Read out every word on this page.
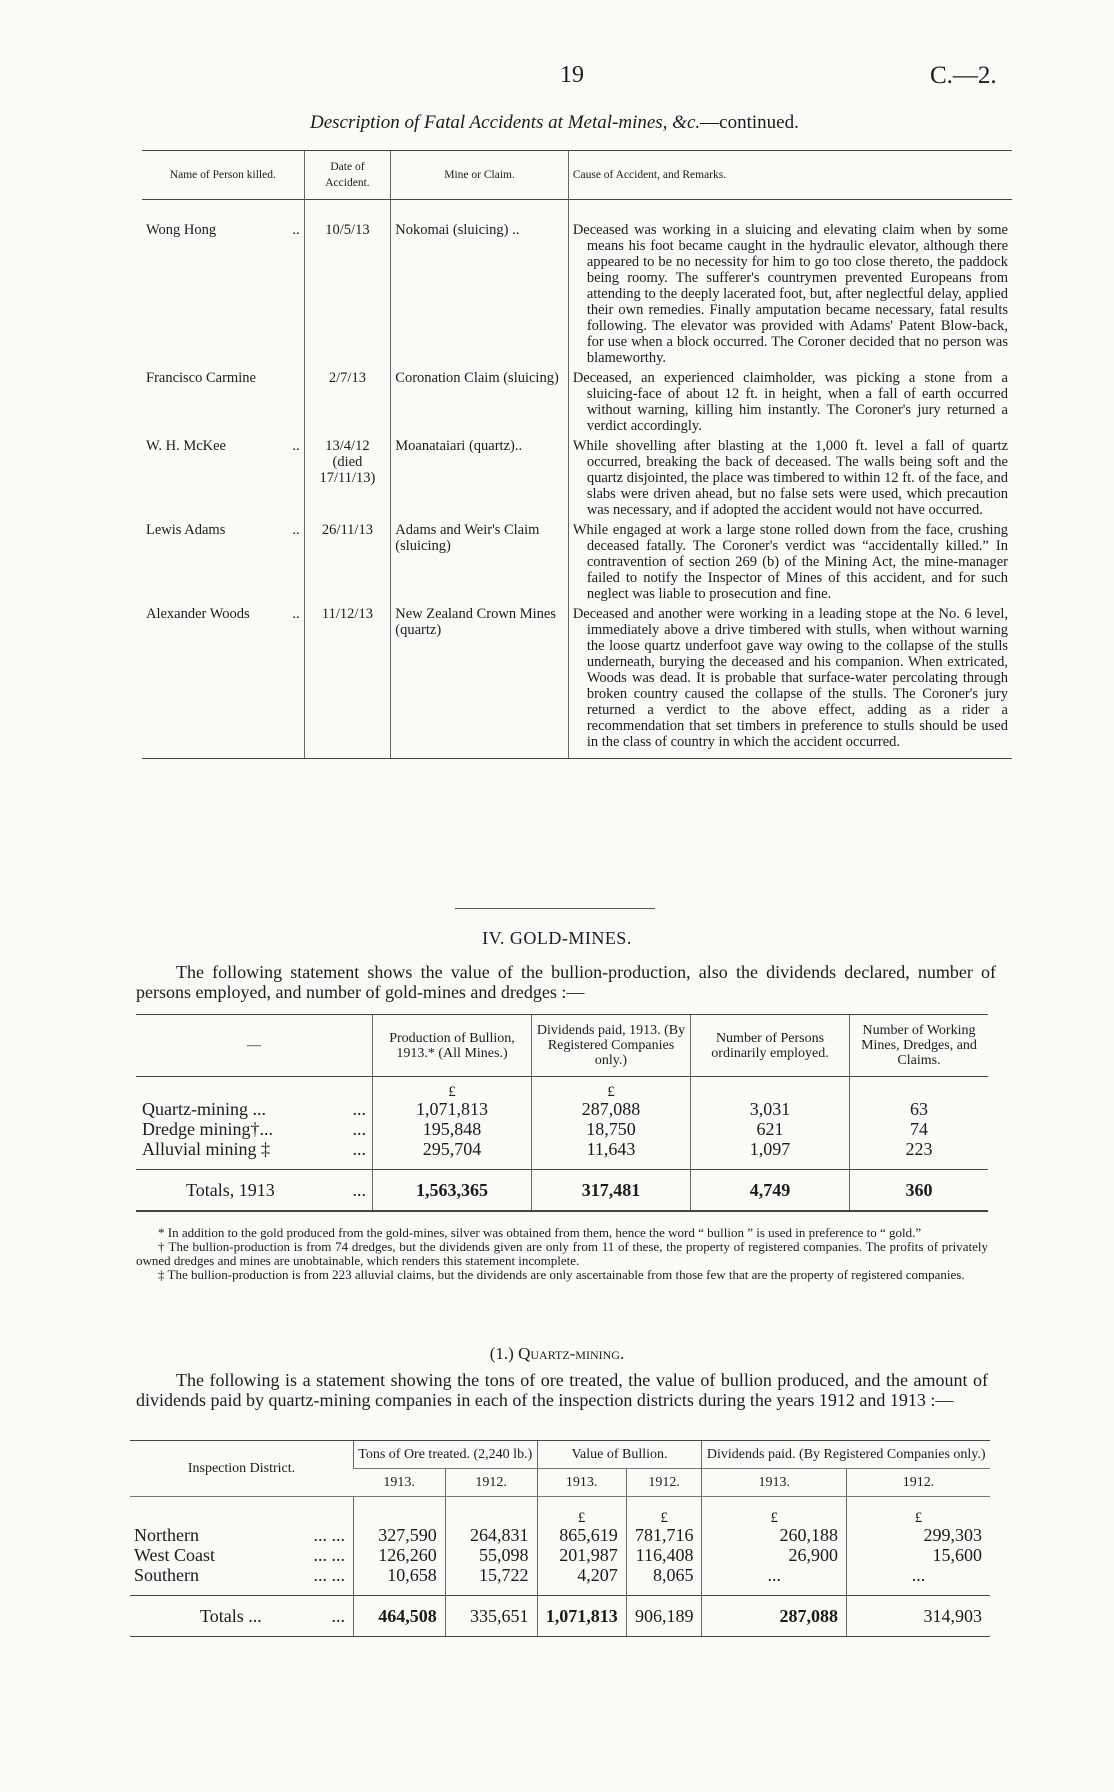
19	C.—2.
Description of Fatal Accidents at Metal-mines, &c.—continued.
Name of Person killed.	Date of Accident.	Mine or Claim.	Cause of Accident, and Remarks.
Wong Hong ..	10/5/13	Nokomai (sluicing) ..	Deceased was working in a sluicing and elevating claim when by some means his foot became caught in the hydraulic elevator, although there appeared to be no necessity for him to go too close thereto, the paddock being roomy. The sufferer's countrymen prevented Europeans from attending to the deeply lacerated foot, but, after neglectful delay, applied their own remedies. Finally amputation became necessary, fatal results following. The elevator was provided with Adams' Patent Blow-back, for use when a block occurred. The Coroner decided that no person was blameworthy.

Francisco Carmine	2/7/13	Coronation Claim (sluicing)	Deceased, an experienced claimholder, was picking a stone from a sluicing-face of about 12 ft. in height, when a fall of earth occurred without warning, killing him instantly. The Coroner's jury returned a verdict accordingly.

W. H. McKee ..	13/4/12 (died 17/11/13)	Moanataiari (quartz)..	While shovelling after blasting at the 1,000 ft. level a fall of quartz occurred, breaking the back of deceased. The walls being soft and the quartz disjointed, the place was timbered to within 12 ft. of the face, and slabs were driven ahead, but no false sets were used, which precaution was necessary, and if adopted the accident would not have occurred.

Lewis Adams ..	26/11/13	Adams and Weir's Claim (sluicing)	While engaged at work a large stone rolled down from the face, crushing deceased fatally. The Coroner's verdict was “accidentally killed.” In contravention of section 269 (b) of the Mining Act, the mine-manager failed to notify the Inspector of Mines of this accident, and for such neglect was liable to prosecution and fine.

Alexander Woods ..	11/12/13	New Zealand Crown Mines (quartz)	Deceased and another were working in a leading stope at the No. 6 level, immediately above a drive timbered with stulls, when without warning the loose quartz underfoot gave way owing to the collapse of the stulls underneath, burying the deceased and his companion. When extricated, Woods was dead. It is probable that surface-water percolating through broken country caused the collapse of the stulls. The Coroner's jury returned a verdict to the above effect, adding as a rider a recommendation that set timbers in preference to stulls should be used in the class of country in which the accident occurred.
IV. GOLD-MINES.
The following statement shows the value of the bullion-production, also the dividends declared, number of persons employed, and number of gold-mines and dredges :—
—		Production of Bullion, 1913.* (All Mines.)	Dividends paid, 1913. (By Registered Companies only.)	Number of Persons ordinarily employed.	Number of Working Mines, Dredges, and Claims.
		£	£		
Quartz-mining ...	...	1,071,813	287,088	3,031	63
Dredge mining†...	...	195,848	18,750	621	74
Alluvial mining ‡	...	295,704	11,643	1,097	223

Totals, 1913	...	1,563,365	317,481	4,749	360

* In addition to the gold produced from the gold-mines, silver was obtained from them, hence the word “ bullion ” is used in preference to “ gold.”

† The bullion-production is from 74 dredges, but the dividends given are only from 11 of these, the property of registered companies. The profits of privately owned dredges and mines are unobtainable, which renders this statement incomplete.

‡ The bullion-production is from 223 alluvial claims, but the dividends are only ascertainable from those few that are the property of registered companies.

(1.) Quartz-mining.
The following is a statement showing the tons of ore treated, the value of bullion produced, and the amount of dividends paid by quartz-mining companies in each of the inspection districts during the years 1912 and 1913 :—
Inspection District.	Tons of Ore treated. (2,240 lb.)		Value of Bullion.		Dividends paid. (By Registered Companies only.)	
	1913.	1912.	1913.	1912.	1913.	1912.
			£	£	£	£
Northern ... ...	327,590	264,831	865,619	781,716	260,188	299,303
West Coast ... ...	126,260	55,098	201,987	116,408	26,900	15,600
Southern ... ...	10,658	15,722	4,207	8,065	...	...

Totals ... ...	464,508	335,651	1,071,813	906,189	287,088	314,903
